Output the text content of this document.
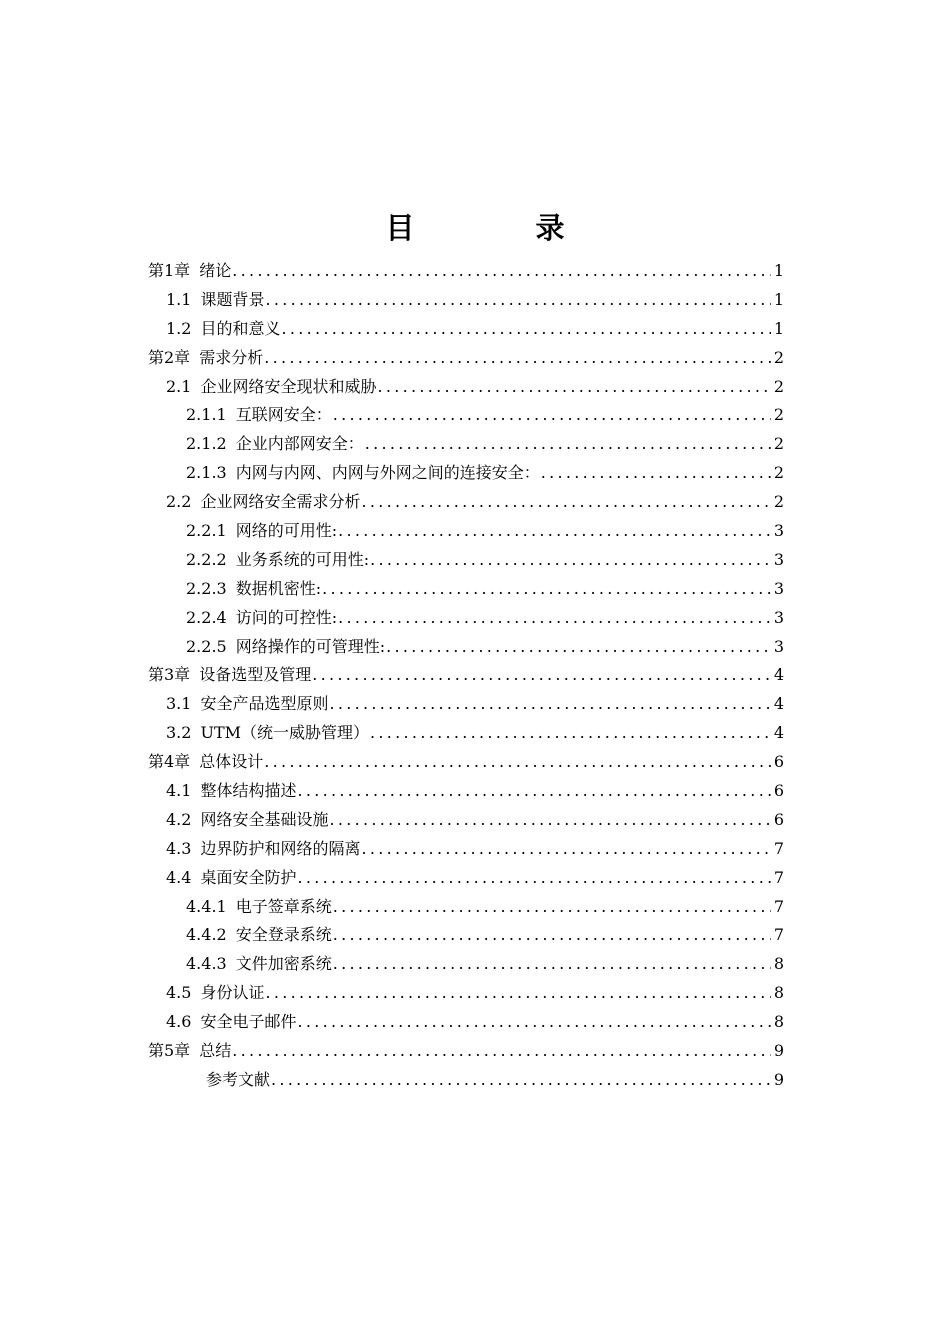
目　录
第1章 绪论 .....	1
1.1 课题背景 .....	1
1.2 目的和意义 .....	1
第2章 需求分析 .....	2
2.1 企业网络安全现状和威胁 .....	2
2.1.1 互联网安全： .....	2
2.1.2 企业内部网安全： .....	2
2.1.3 内网与内网、内网与外网之间的连接安全： .....	2
2.2 企业网络安全需求分析 .....	2
2.2.1 网络的可用性: .....	3
2.2.2 业务系统的可用性: .....	3
2.2.3 数据机密性: .....	3
2.2.4 访问的可控性: .....	3
2.2.5 网络操作的可管理性: .....	3
第3章 设备选型及管理 .....	4
3.1 安全产品选型原则 .....	4
3.2 UTM（统一威胁管理） .....	4
第4章 总体设计 .....	6
4.1 整体结构描述 .....	6
4.2 网络安全基础设施 .....	6
4.3 边界防护和网络的隔离 .....	7
4.4 桌面安全防护 .....	7
4.4.1 电子签章系统 .....	7
4.4.2 安全登录系统 .....	7
4.4.3 文件加密系统 .....	8
4.5 身份认证 .....	8
4.6 安全电子邮件 .....	8
第5章 总结 .....	9
参考文献 .....	9
